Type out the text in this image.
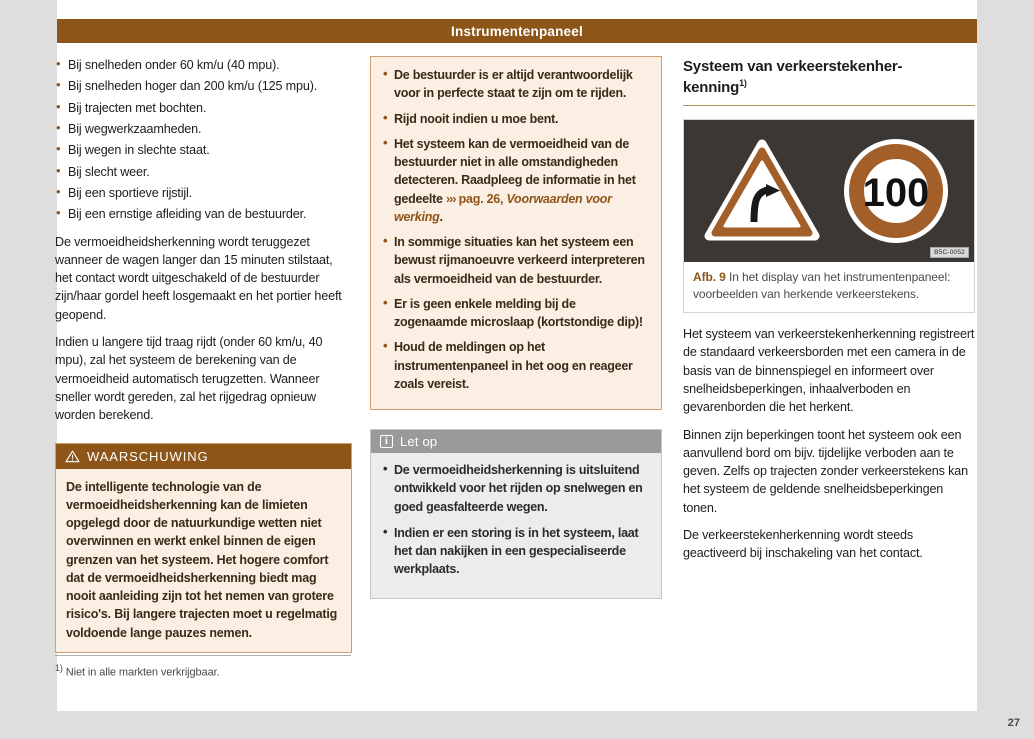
Instrumentenpaneel
• Bij snelheden onder 60 km/u (40 mpu).
• Bij snelheden hoger dan 200 km/u (125 mpu).
• Bij trajecten met bochten.
• Bij wegwerkzaamheden.
• Bij wegen in slechte staat.
• Bij slecht weer.
• Bij een sportieve rijstijl.
• Bij een ernstige afleiding van de bestuurder.

De vermoeidheidsherkenning wordt teruggezet wanneer de wagen langer dan 15 minuten stilstaat, het contact wordt uitgeschakeld of de bestuurder zijn/haar gordel heeft losgemaakt en het portier heeft geopend.

Indien u langere tijd traag rijdt (onder 60 km/u, 40 mpu), zal het systeem de berekening van de vermoeidheid automatisch terugzetten. Wanneer sneller wordt gereden, zal het rijgedrag opnieuw worden berekend.

WAARSCHUWING
De intelligente technologie van de vermoeidheidsherkenning kan de limieten opgelegd door de natuurkundige wetten niet overwinnen en werkt enkel binnen de eigen grenzen van het systeem. Het hogere comfort dat de vermoeidheidsherkenning biedt mag nooit aanleiding zijn tot het nemen van grotere risico's. Bij langere trajecten moet u regelmatig voldoende lange pauzes nemen.
• De bestuurder is er altijd verantwoordelijk voor in perfecte staat te zijn om te rijden.
• Rijd nooit indien u moe bent.
• Het systeem kan de vermoeidheid van de bestuurder niet in alle omstandigheden detecteren. Raadpleeg de informatie in het gedeelte ››› pag. 26, Voorwaarden voor werking.
• In sommige situaties kan het systeem een bewust rijmanoeuvre verkeerd interpreteren als vermoeidheid van de bestuurder.
• Er is geen enkele melding bij de zogenaamde microslaap (kortstondige dip)!
• Houd de meldingen op het instrumentenpaneel in het oog en reageer zoals vereist.
i Let op
• De vermoeidheidsherkenning is uitsluitend ontwikkeld voor het rijden op snelwegen en goed geasfalteerde wegen.
• Indien er een storing is in het systeem, laat het dan nakijken in een gespecialiseerde werkplaats.
Systeem van verkeerstekenher-
kenning$^{1)}$
100
B5C-0052
Afb. 9 In het display van het instrumentenpaneel: voorbeelden van herkende verkeerstekens.

Het systeem van verkeerstekenherkenning registreert de standaard verkeersborden met een camera in de basis van de binnenspiegel en informeert over snelheidsbeperkingen, inhaalverboden en gevarenborden die het herkent.

Binnen zijn beperkingen toont het systeem ook een aanvullend bord om bijv. tijdelijke verboden aan te geven. Zelfs op trajecten zonder verkeerstekens kan het systeem de geldende snelheidsbeperkingen tonen.

De verkeerstekenherkenning wordt steeds geactiveerd bij inschakeling van het contact.

$^{1)}$ Niet in alle markten verkrijgbaar.
27
